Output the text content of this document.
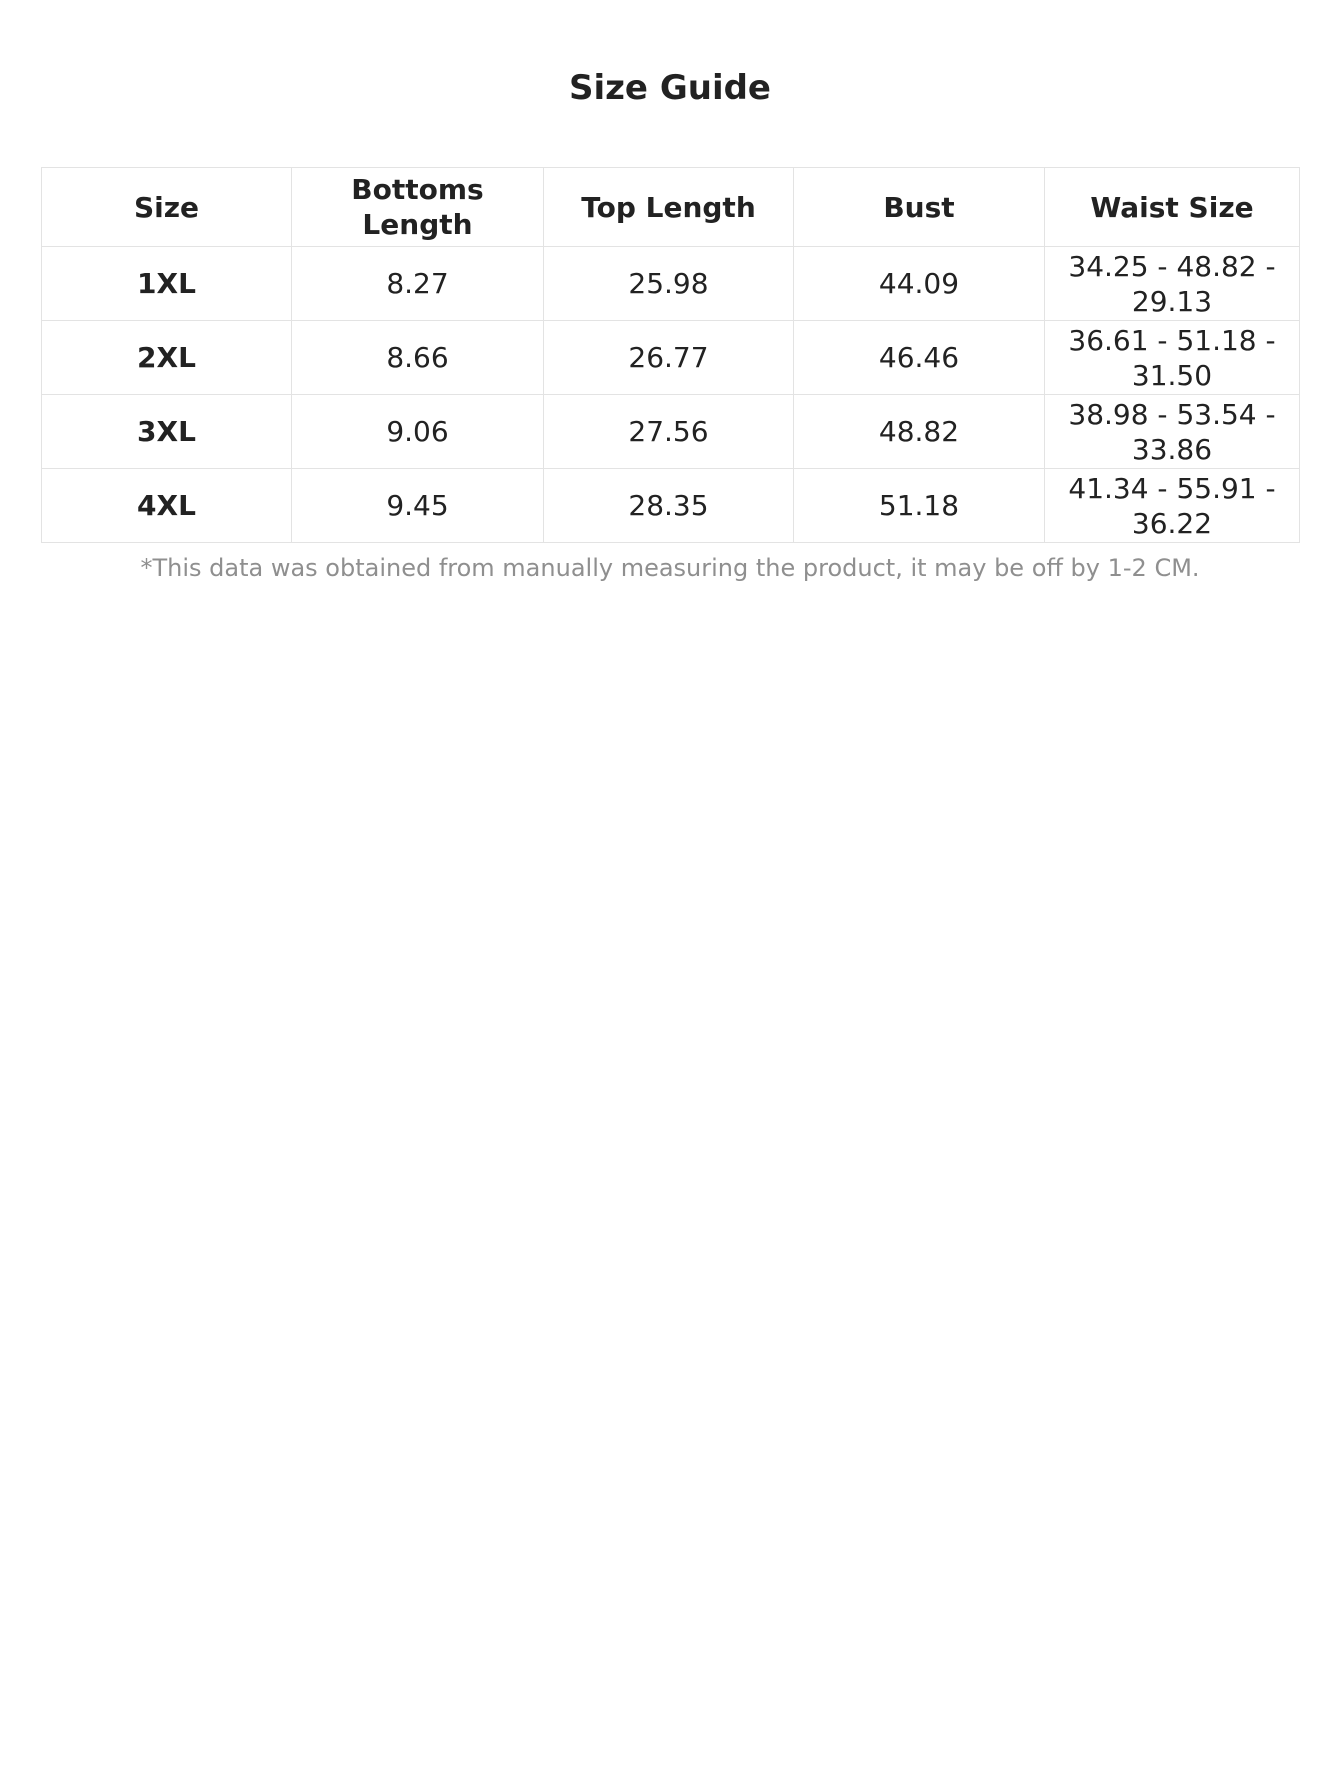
Size Guide
Size	Bottoms Length	Top Length	Bust	Waist Size
1XL	8.27	25.98	44.09	34.25 - 48.82 - 29.13
2XL	8.66	26.77	46.46	36.61 - 51.18 - 31.50
3XL	9.06	27.56	48.82	38.98 - 53.54 - 33.86
4XL	9.45	28.35	51.18	41.34 - 55.91 - 36.22
*This data was obtained from manually measuring the product, it may be off by 1-2 CM.
